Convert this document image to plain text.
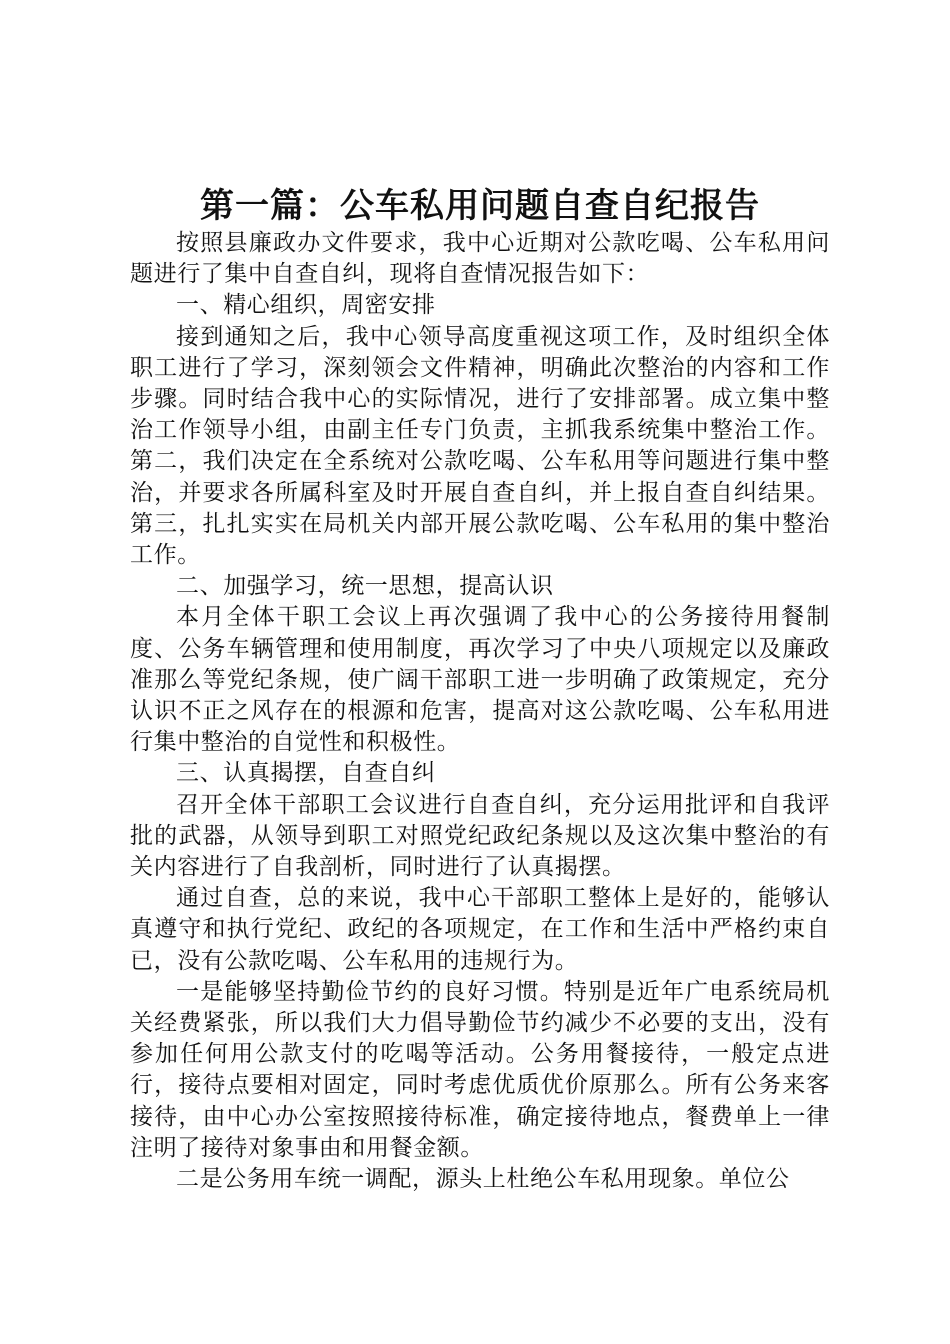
第一篇：公车私用问题自查自纪报告

按照县廉政办文件要求，我中心近期对公款吃喝、公车私用问题进行了集中自查自纠，现将自查情况报告如下：

一、精心组织，周密安排

接到通知之后，我中心领导高度重视这项工作，及时组织全体职工进行了学习，深刻领会文件精神，明确此次整治的内容和工作步骤。同时结合我中心的实际情况，进行了安排部署。成立集中整治工作领导小组，由副主任专门负责，主抓我系统集中整治工作。第二，我们决定在全系统对公款吃喝、公车私用等问题进行集中整治，并要求各所属科室及时开展自查自纠，并上报自查自纠结果。第三，扎扎实实在局机关内部开展公款吃喝、公车私用的集中整治工作。

二、加强学习，统一思想，提高认识

本月全体干职工会议上再次强调了我中心的公务接待用餐制度、公务车辆管理和使用制度，再次学习了中央八项规定以及廉政准那么等党纪条规，使广阔干部职工进一步明确了政策规定，充分认识不正之风存在的根源和危害，提高对这公款吃喝、公车私用进行集中整治的自觉性和积极性。

三、认真揭摆，自查自纠

召开全体干部职工会议进行自查自纠，充分运用批评和自我评批的武器，从领导到职工对照党纪政纪条规以及这次集中整治的有关内容进行了自我剖析，同时进行了认真揭摆。

通过自查，总的来说，我中心干部职工整体上是好的，能够认真遵守和执行党纪、政纪的各项规定，在工作和生活中严格约束自已，没有公款吃喝、公车私用的违规行为。

一是能够坚持勤俭节约的良好习惯。特别是近年广电系统局机关经费紧张，所以我们大力倡导勤俭节约减少不必要的支出，没有参加任何用公款支付的吃喝等活动。公务用餐接待，一般定点进行，接待点要相对固定，同时考虑优质优价原那么。所有公务来客接待，由中心办公室按照接待标准，确定接待地点，餐费单上一律注明了接待对象事由和用餐金额。

二是公务用车统一调配，源头上杜绝公车私用现象。单位公
